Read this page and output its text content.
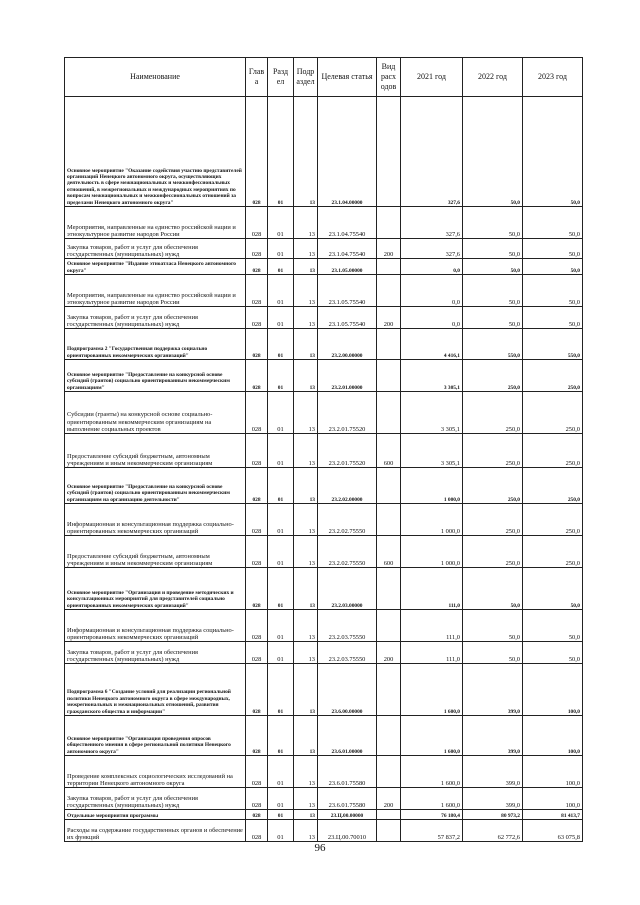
Наименование	Глав а	Разд ел	Подр аздел	Целевая статья	Вид расх одов	2021 год	2022 год	2023 год
Основное мероприятие "Оказание содействия участию представителей организаций Ненецкого автономного округа, осуществляющих деятельность в сфере межнациональных и межконфессиональных отношений, в межрегиональных и международных мероприятиях по вопросам межнациональных и межконфессиональных отношений за пределами Ненецкого автономного округа"	028	01	13	23.1.04.00000		327,6	50,0	50,0
Мероприятия, направленные на единство российской нации и этнокультурное развитие народов России	028	01	13	23.1.04.75540		327,6	50,0	50,0
Закупка товаров, работ и услуг для обеспечения государственных (муниципальных) нужд	028	01	13	23.1.04.75540	200	327,6	50,0	50,0
Основное мероприятие "Издание этноатласа Ненецкого автономного округа"	028	01	13	23.1.05.00000		0,0	50,0	50,0
Мероприятия, направленные на единство российской нации и этнокультурное развитие народов России	028	01	13	23.1.05.75540		0,0	50,0	50,0
Закупка товаров, работ и услуг для обеспечения государственных (муниципальных) нужд	028	01	13	23.1.05.75540	200	0,0	50,0	50,0
Подпрограмма 2 "Государственная поддержка социально ориентированных некоммерческих организаций"	028	01	13	23.2.00.00000		4 416,1	550,0	550,0
Основное мероприятие "Предоставление на конкурсной основе субсидий (грантов) социально ориентированным некоммерческим организациям"	028	01	13	23.2.01.00000		3 305,1	250,0	250,0
Субсидии (гранты) на конкурсной основе социально-ориентированным некоммерческим организациям на выполнение социальных проектов	028	01	13	23.2.01.75520		3 305,1	250,0	250,0
Предоставление субсидий бюджетным, автономным учреждениям и иным некоммерческим организациям	028	01	13	23.2.01.75520	600	3 305,1	250,0	250,0
Основное мероприятие "Предоставление на конкурсной основе субсидий (грантов) социально ориентированным некоммерческим организациям на организацию деятельности"	028	01	13	23.2.02.00000		1 000,0	250,0	250,0
Информационная и консультационная поддержка социально-ориентированных некоммерческих организаций	028	01	13	23.2.02.75550		1 000,0	250,0	250,0
Предоставление субсидий бюджетным, автономным учреждениям и иным некоммерческим организациям	028	01	13	23.2.02.75550	600	1 000,0	250,0	250,0
Основное мероприятие "Организация и проведение методических и консультационных мероприятий для представителей социально ориентированных некоммерческих организаций"	028	01	13	23.2.03.00000		111,0	50,0	50,0
Информационная и консультационная поддержка социально-ориентированных некоммерческих организаций	028	01	13	23.2.03.75550		111,0	50,0	50,0
Закупка товаров, работ и услуг для обеспечения государственных (муниципальных) нужд	028	01	13	23.2.03.75550	200	111,0	50,0	50,0
Подпрограмма 6 "Создание условий для реализации региональной политики Ненецкого автономного округа в сфере международных, межрегиональных и межнациональных отношений, развития гражданского общества и информации"	028	01	13	23.6.00.00000		1 600,0	399,0	100,0
Основное мероприятие "Организация проведения опросов общественного мнения в сфере региональной политики Ненецкого автономного округа"	028	01	13	23.6.01.00000		1 600,0	399,0	100,0
Проведение комплексных социологических исследований на территории Ненецкого автономного округа	028	01	13	23.6.01.75580		1 600,0	399,0	100,0
Закупка товаров, работ и услуг для обеспечения государственных (муниципальных) нужд	028	01	13	23.6.01.75580	200	1 600,0	399,0	100,0
Отдельные мероприятия программы	028	01	13	23.Ц.00.00000		76 180,4	80 973,2	81 413,7
Расходы на содержание государственных органов и обеспечение их функций	028	01	13	23.Ц.00.70010		57 837,2	62 772,6	63 075,8
96
